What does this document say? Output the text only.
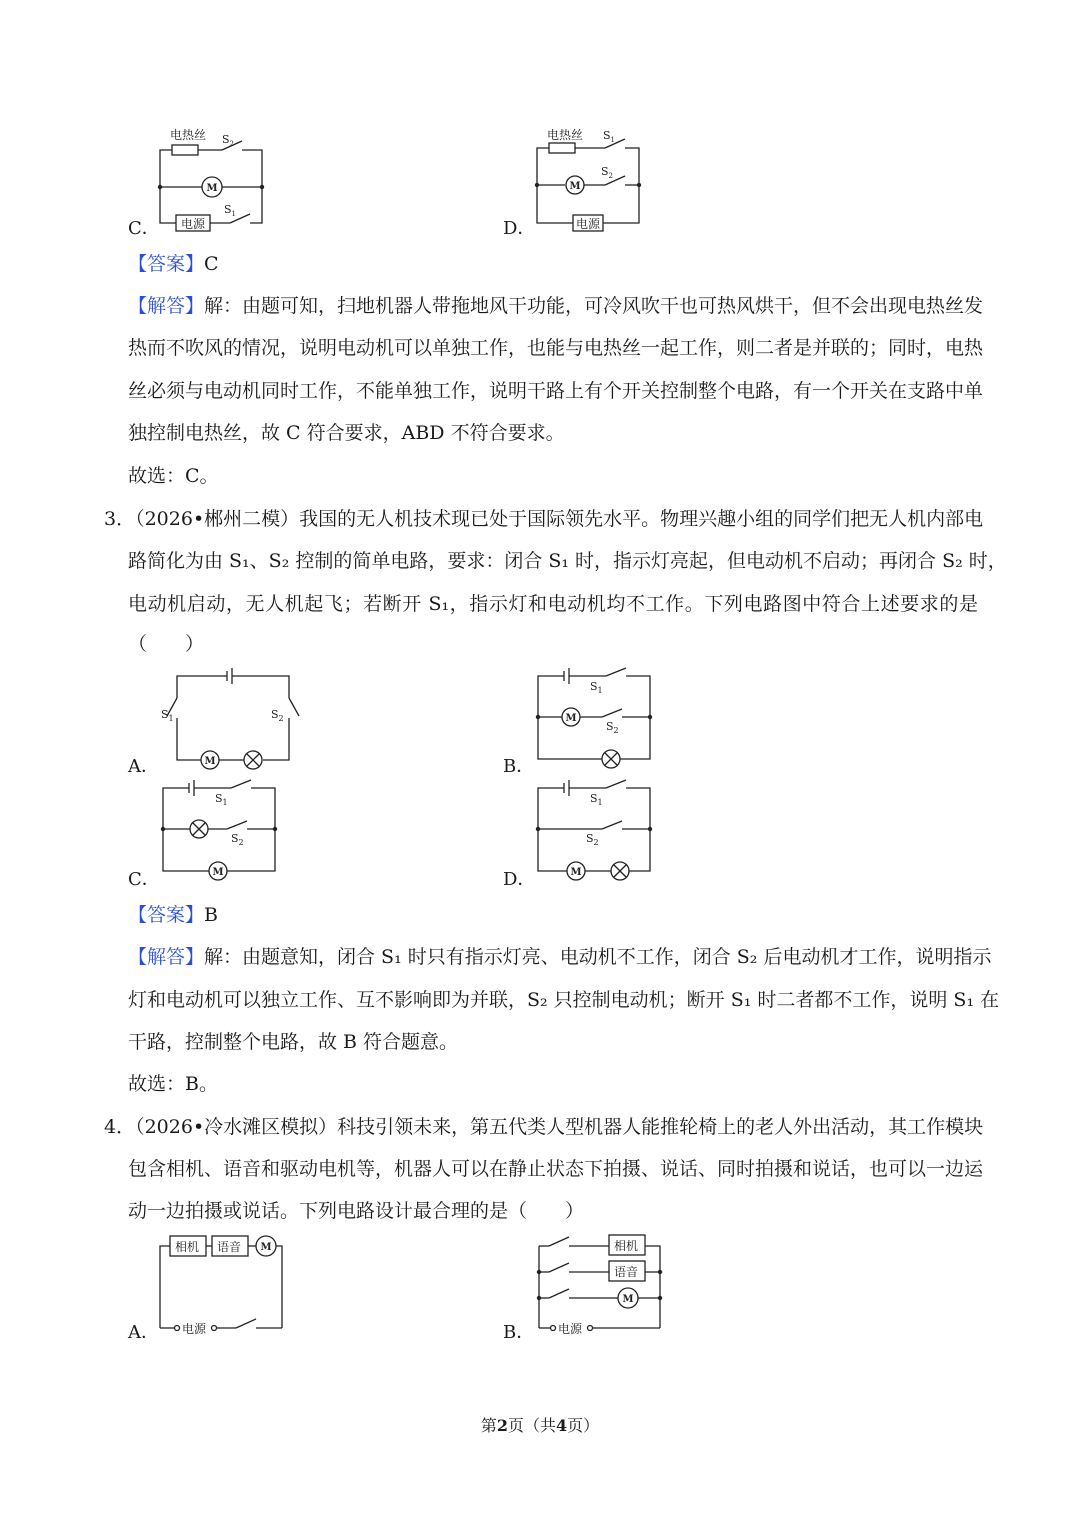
C．
电热丝 $S_2$
M
电源
$S_1$
D．
电热丝 $S_1$
M
$S_2$
电源
【答案】C
【解答】解：由题可知，扫地机器人带拖地风干功能，可冷风吹干也可热风烘干，但不会出现电热丝发
热而不吹风的情况，说明电动机可以单独工作，也能与电热丝一起工作，则二者是并联的；同时，电热
丝必须与电动机同时工作，不能单独工作，说明干路上有个开关控制整个电路，有一个开关在支路中单
独控制电热丝，故 C 符合要求，ABD 不符合要求。
故选：C。
3．（2026•郴州二模）我国的无人机技术现已处于国际领先水平。物理兴趣小组的同学们把无人机内部电
路简化为由 S₁、S₂ 控制的简单电路，要求：闭合 S₁ 时，指示灯亮起，但电动机不启动；再闭合 S₂ 时，
电动机启动，无人机起飞；若断开 S₁，指示灯和电动机均不工作。下列电路图中符合上述要求的是
（　　）
A．
$S_1$	$S_2$
M	B．
$S_1$
M
$S_2$
C．
$S_1$
$S_2$
M	D．
$S_1$
$S_2$
M
【答案】B
【解答】解：由题意知，闭合 S₁ 时只有指示灯亮、电动机不工作，闭合 S₂ 后电动机才工作，说明指示
灯和电动机可以独立工作、互不影响即为并联，S₂ 只控制电动机；断开 S₁ 时二者都不工作，说明 S₁ 在
干路，控制整个电路，故 B 符合题意。
故选：B。
4．（2026•冷水滩区模拟）科技引领未来，第五代类人型机器人能推轮椅上的老人外出活动，其工作模块
包含相机、语音和驱动电机等，机器人可以在静止状态下拍摄、说话、同时拍摄和说话，也可以一边运
动一边拍摄或说话。下列电路设计最合理的是（　　）
A．
相机 语音 M
电源	B．
相机
语音
M
电源
第2页（共4页）
